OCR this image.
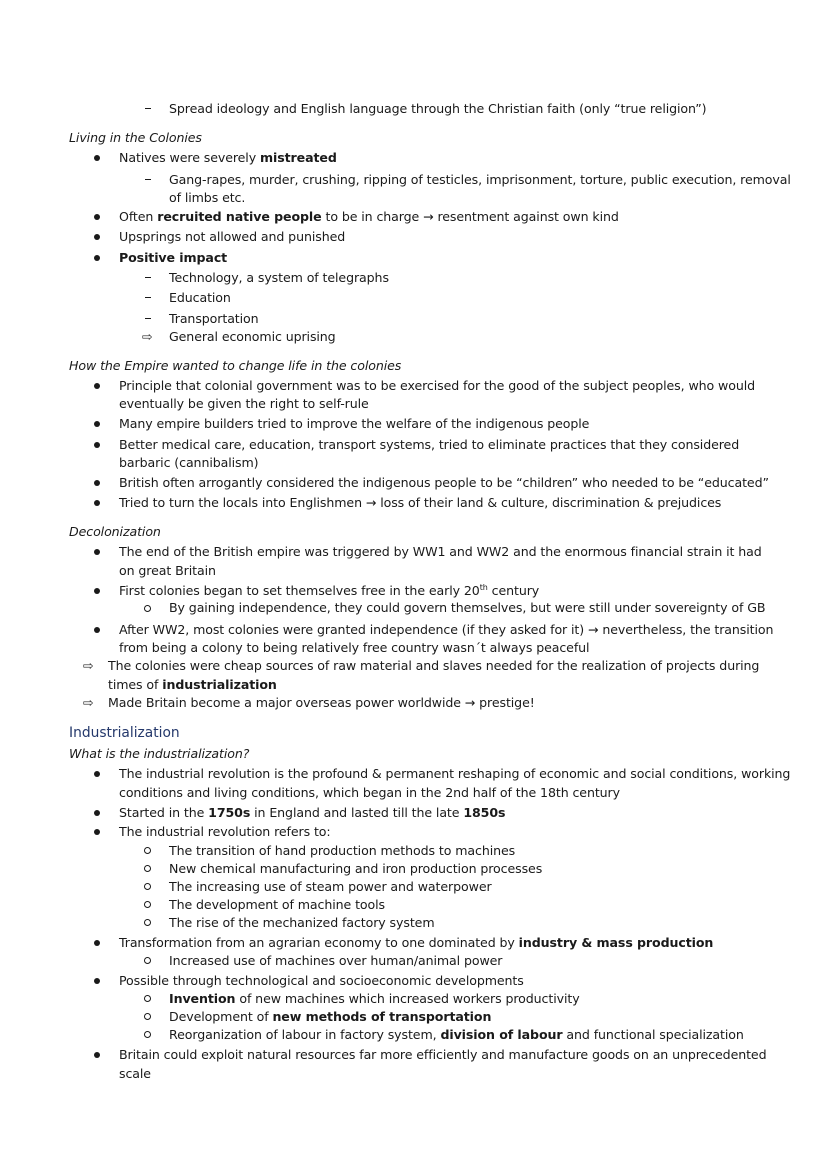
Spread ideology and English language through the Christian faith (only “true religion”)

Living in the Colonies

Natives were severely mistreated

Gang-rapes, murder, crushing, ripping of testicles, imprisonment, torture, public execution, removal

of limbs etc.

Often recruited native people to be in charge → resentment against own kind

Upsprings not allowed and punished

Positive impact

Technology, a system of telegraphs

Education

Transportation

⇨ General economic uprising

How the Empire wanted to change life in the colonies

Principle that colonial government was to be exercised for the good of the subject peoples, who would

eventually be given the right to self-rule

Many empire builders tried to improve the welfare of the indigenous people

Better medical care, education, transport systems, tried to eliminate practices that they considered

barbaric (cannibalism)

British often arrogantly considered the indigenous people to be “children” who needed to be “educated”

Tried to turn the locals into Englishmen → loss of their land & culture, discrimination & prejudices

Decolonization

The end of the British empire was triggered by WW1 and WW2 and the enormous financial strain it had

on great Britain

First colonies began to set themselves free in the early 20th century

By gaining independence, they could govern themselves, but were still under sovereignty of GB

After WW2, most colonies were granted independence (if they asked for it) → nevertheless, the transition

from being a colony to being relatively free country wasn´t always peaceful

⇨ The colonies were cheap sources of raw material and slaves needed for the realization of projects during

times of industrialization

⇨ Made Britain become a major overseas power worldwide → prestige!

Industrialization

What is the industrialization?

The industrial revolution is the profound & permanent reshaping of economic and social conditions, working

conditions and living conditions, which began in the 2nd half of the 18th century

Started in the 1750s in England and lasted till the late 1850s

The industrial revolution refers to:

The transition of hand production methods to machines

New chemical manufacturing and iron production processes

The increasing use of steam power and waterpower

The development of machine tools

The rise of the mechanized factory system

Transformation from an agrarian economy to one dominated by industry & mass production

Increased use of machines over human/animal power

Possible through technological and socioeconomic developments

Invention of new machines which increased workers productivity

Development of new methods of transportation

Reorganization of labour in factory system, division of labour and functional specialization

Britain could exploit natural resources far more efficiently and manufacture goods on an unprecedented

scale
